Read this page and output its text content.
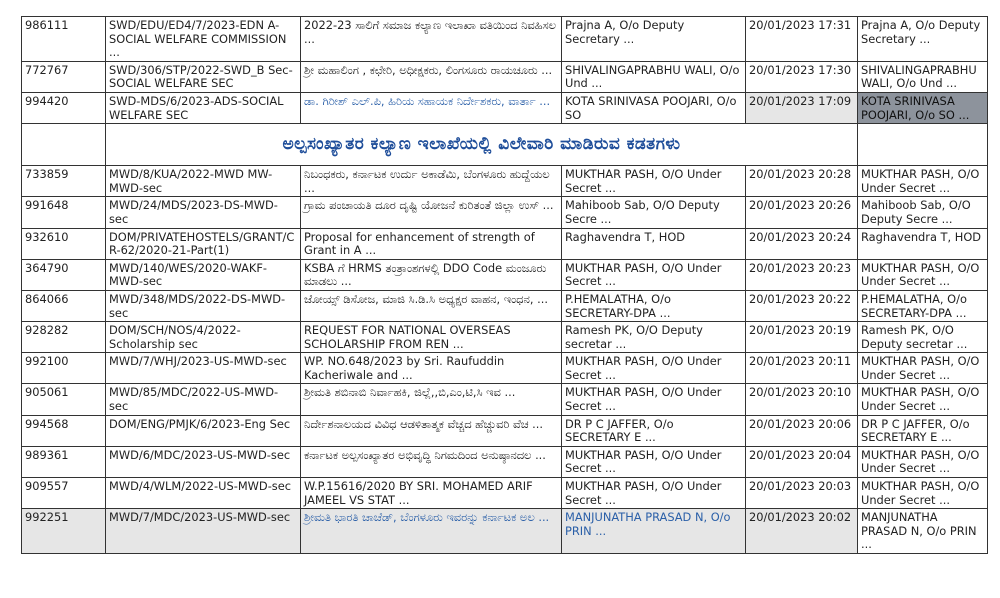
986111	SWD/EDU/ED4/7/2023-EDN A-SOCIAL WELFARE COMMISSION ...	2022-23 ಸಾಲಿಗೆ ಸಮಾಜ ಕಲ್ಯಾಣ ಇಲಾಖಾ ವತಿಯಿಂದ ನಿವಹಿಸಲ ...	Prajna A, O/o Deputy Secretary ...	20/01/2023 17:31	Prajna A, O/o Deputy Secretary ...
772767	SWD/306/STP/2022-SWD_B Sec-SOCIAL WELFARE SEC	ಶ್ರೀ ಮಹಾಲಿಂಗ , ಕಛೇರಿ, ಅಧೀಕ್ಷಕರು, ಲಿಂಗಸೂರು ರಾಯಚೂರು ...	SHIVALINGAPRABHU WALI, O/o Und ...	20/01/2023 17:30	SHIVALINGAPRABHU WALI, O/o Und ...
994420	SWD-MDS/6/2023-ADS-SOCIAL WELFARE SEC	ಡಾ. ಗಿರೀಶ್ ಎಲ್.ಪಿ, ಹಿರಿಯ ಸಹಾಯಕ ನಿರ್ದೇಶಕರು, ವಾರ್ತಾ ...	KOTA SRINIVASA POOJARI, O/o SO	20/01/2023 17:09	KOTA SRINIVASA POOJARI, O/o SO ...
	ಅಲ್ಪಸಂಖ್ಯಾತರ ಕಲ್ಯಾಣ ಇಲಾಖೆಯಲ್ಲಿ ವಿಲೇವಾರಿ ಮಾಡಿರುವ ಕಡತಗಳು				
733859	MWD/8/KUA/2022-MWD MW-MWD-sec	ನಿಬಂಧಕರು, ಕರ್ನಾಟಕ ಉರ್ದು ಅಕಾಡೆಮಿ, ಬೆಂಗಳೂರು ಹುದ್ದೆಯಲ ...	MUKTHAR PASH, O/O Under Secret ...	20/01/2023 20:28	MUKTHAR PASH, O/O Under Secret ...
991648	MWD/24/MDS/2023-DS-MWD-sec	ಗ್ರಾಮ ಪಂಚಾಯತಿ ದೂರ ದೃಷ್ಟಿ ಯೋಜನೆ ಕುರಿತಂತೆ ಜಿಲ್ಲಾ ಉಸ್ ...	Mahiboob Sab, O/O Deputy Secre ...	20/01/2023 20:26	Mahiboob Sab, O/O Deputy Secre ...
932610	DOM/PRIVATEHOSTELS/GRANT/CR-62/2020-21-Part(1)	Proposal for enhancement of strength of Grant in A ...	Raghavendra T, HOD	20/01/2023 20:24	Raghavendra T, HOD
364790	MWD/140/WES/2020-WAKF-MWD-sec	KSBA ಗೆ HRMS ತಂತ್ರಾಂಶಗಳಲ್ಲಿ DDO Code ಮಂಜೂರು ಮಾಡಲು ...	MUKTHAR PASH, O/O Under Secret ...	20/01/2023 20:23	MUKTHAR PASH, O/O Under Secret ...
864066	MWD/348/MDS/2022-DS-MWD-sec	ಜೋಯ್ಸ್ ಡಿಸೋಜ, ಮಾಜಿ ಸಿ.ಡಿ.ಸಿ ಅಧ್ಯಕ್ಷರ ವಾಹನ, ಇಂಧನ, ...	P.HEMALATHA, O/o SECRETARY-DPA ...	20/01/2023 20:22	P.HEMALATHA, O/o SECRETARY-DPA ...
928282	DOM/SCH/NOS/4/2022-Scholarship sec	REQUEST FOR NATIONAL OVERSEAS SCHOLARSHIP FROM REN ...	Ramesh PK, O/O Deputy secretar ...	20/01/2023 20:19	Ramesh PK, O/O Deputy secretar ...
992100	MWD/7/WHJ/2023-US-MWD-sec	WP. NO.648/2023 by Sri. Raufuddin Kacheriwale and ...	MUKTHAR PASH, O/O Under Secret ...	20/01/2023 20:11	MUKTHAR PASH, O/O Under Secret ...
905061	MWD/85/MDC/2022-US-MWD-sec	ಶ್ರೀಮತಿ ಶಬಿನಾಬಿ ನಿರ್ವಾಹಕಿ, ಜಿಲ್ಲೆ,,ಬಿ,ಎಂ,ಟಿ,ಸಿ ಇವ ...	MUKTHAR PASH, O/O Under Secret ...	20/01/2023 20:10	MUKTHAR PASH, O/O Under Secret ...
994568	DOM/ENG/PMJK/6/2023-Eng Sec	ನಿರ್ದೇಶನಾಲಯದ ವಿವಿಧ ಆಡಳಿತಾತ್ಮಕ ವೆಚ್ಚದ ಹೆಚ್ಚುವರಿ ವೆಚ ...	DR P C JAFFER, O/o SECRETARY E ...	20/01/2023 20:06	DR P C JAFFER, O/o SECRETARY E ...
989361	MWD/6/MDC/2023-US-MWD-sec	ಕರ್ನಾಟಕ ಅಲ್ಪಸಂಖ್ಯಾತರ ಅಭಿವೃದ್ಧಿ ನಿಗಮದಿಂದ ಅನುಷ್ಠಾನದಲ ...	MUKTHAR PASH, O/O Under Secret ...	20/01/2023 20:04	MUKTHAR PASH, O/O Under Secret ...
909557	MWD/4/WLM/2022-US-MWD-sec	W.P.15616/2020 BY SRI. MOHAMED ARIF JAMEEL VS STAT ...	MUKTHAR PASH, O/O Under Secret ...	20/01/2023 20:03	MUKTHAR PASH, O/O Under Secret ...
992251	MWD/7/MDC/2023-US-MWD-sec	ಶ್ರೀಮತಿ ಭಾರತಿ ಚಾಚೆಡ್, ಬೆಂಗಳೂರು ಇವರನ್ನು ಕರ್ನಾಟಕ ಅಲ ...	MANJUNATHA PRASAD N, O/o PRIN ...	20/01/2023 20:02	MANJUNATHA PRASAD N, O/o PRIN ...
